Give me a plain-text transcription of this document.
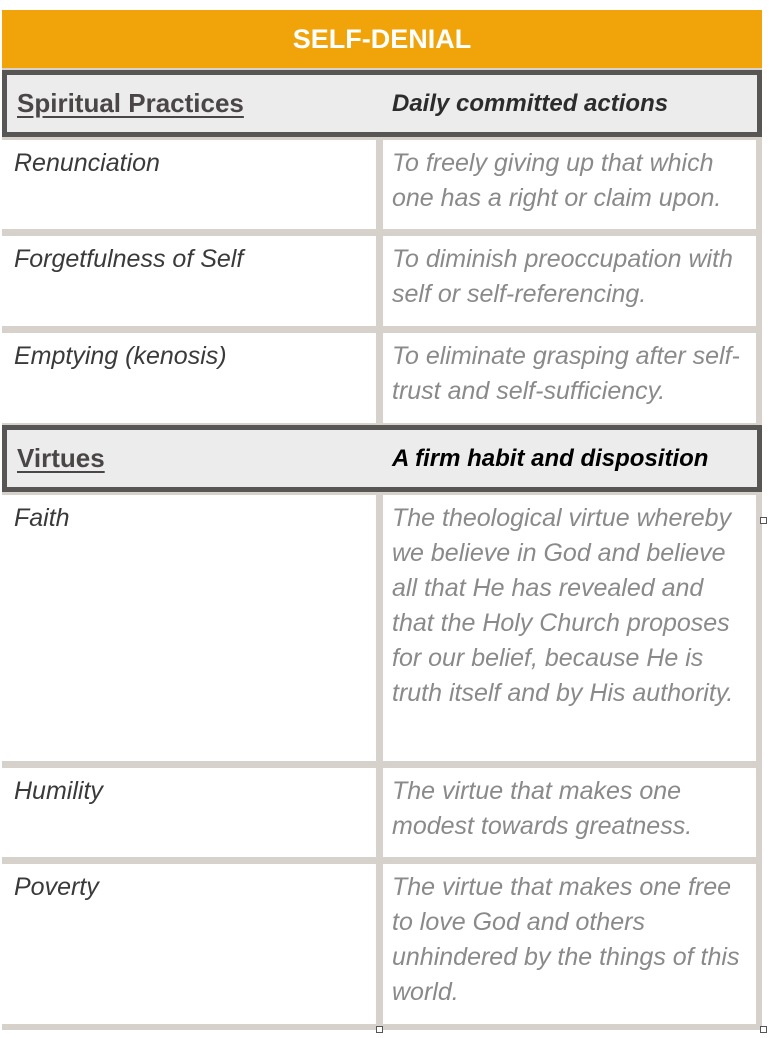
SELF-DENIAL
Spiritual Practices	Daily committed actions
Renunciation	To freely giving up that which one has a right or claim upon.
Forgetfulness of Self	To diminish preoccupation with self or self-referencing.
Emptying (kenosis)	To eliminate grasping after self-trust and self-sufficiency.
Virtues	A firm habit and disposition
Faith	The theological virtue whereby we believe in God and believe all that He has revealed and that the Holy Church proposes for our belief, because He is truth itself and by His authority.
Humility	The virtue that makes one modest towards greatness.
Poverty	The virtue that makes one free to love God and others unhindered by the things of this world.
